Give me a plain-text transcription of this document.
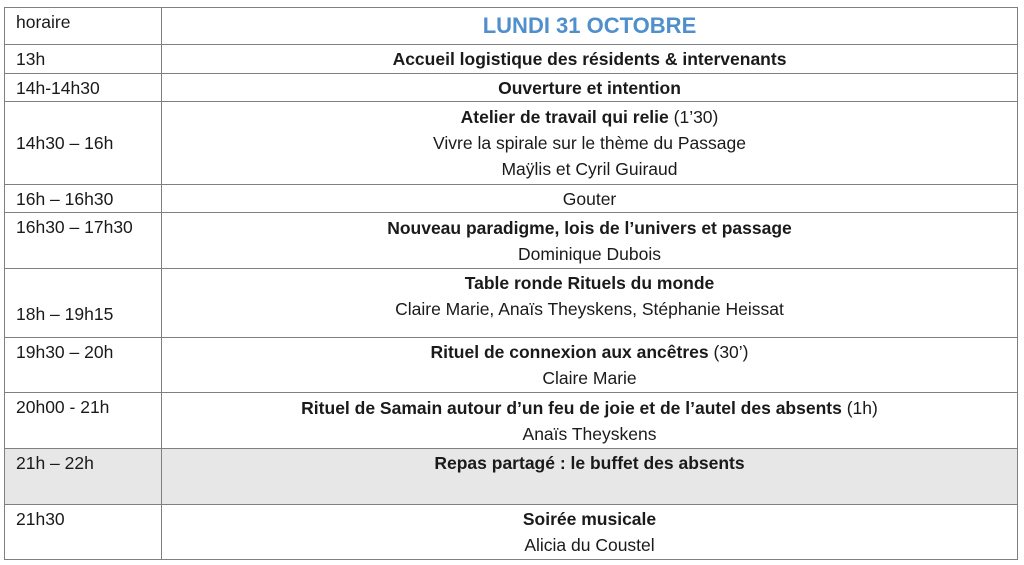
horaire	LUNDI 31 OCTOBRE

13h	Accueil logistique des résidents & intervenants

14h-14h30	Ouverture et intention

14h30 – 16h	Atelier de travail qui relie (1’30)
Vivre la spirale sur le thème du Passage
Maÿlis et Cyril Guiraud

16h – 16h30	Gouter

16h30 – 17h30	Nouveau paradigme, lois de l’univers et passage
Dominique Dubois

18h – 19h15	Table ronde Rituels du monde
Claire Marie, Anaïs Theyskens, Stéphanie Heissat

19h30 – 20h	Rituel de connexion aux ancêtres (30’)
Claire Marie

20h00 - 21h	Rituel de Samain autour d’un feu de joie et de l’autel des absents (1h)
Anaïs Theyskens

21h – 22h	Repas partagé : le buffet des absents

21h30	Soirée musicale
Alicia du Coustel
